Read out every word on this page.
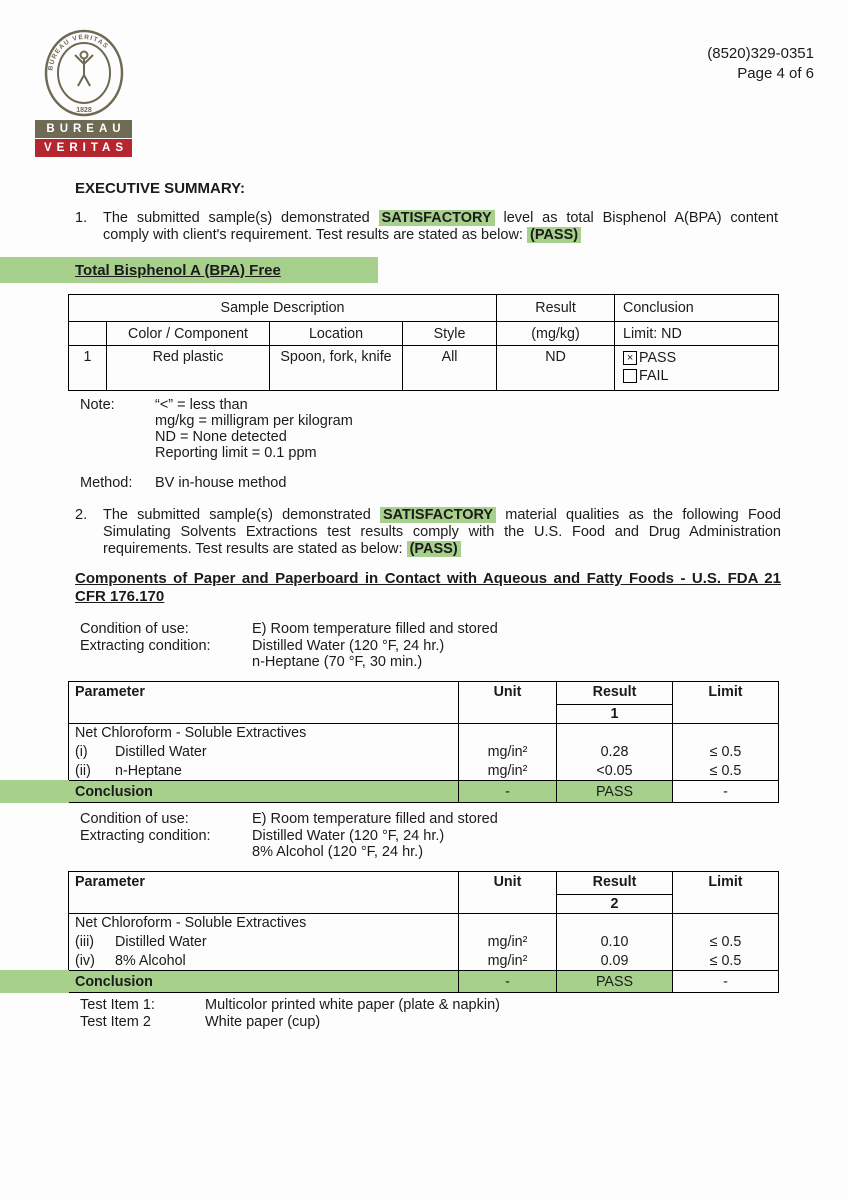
BUREAU VERITAS
1828
BUREAU
VERITAS
(8520)329-0351
Page 4 of 6
EXECUTIVE SUMMARY:
1.	The submitted sample(s) demonstrated SATISFACTORY level as total Bisphenol A(BPA) content comply with client's requirement. Test results are stated as below: (PASS)
Total Bisphenol A (BPA) Free
Sample Description				Result	Conclusion
	Color / Component	Location	Style	(mg/kg)	Limit: ND
1	Red plastic	Spoon, fork, knife	All	ND	× PASS
FAIL
Note:	“<” = less than
mg/kg = milligram per kilogram
ND = None detected
Reporting limit = 0.1 ppm
Method:	BV in-house method
2.	The submitted sample(s) demonstrated SATISFACTORY material qualities as the following Food Simulating Solvents Extractions test results comply with the U.S. Food and Drug Administration requirements. Test results are stated as below: (PASS)
Components of Paper and Paperboard in Contact with Aqueous and Fatty Foods - U.S. FDA 21 CFR 176.170
Condition of use:	E) Room temperature filled and stored
Extracting condition:	Distilled Water (120 °F, 24 hr.)
n-Heptane (70 °F, 30 min.)
Parameter	Unit	Result	Limit
		1	
Net Chloroform - Soluble Extractives			
(i) Distilled Water	mg/in²	0.28	≤ 0.5
(ii) n-Heptane	mg/in²	<0.05	≤ 0.5
Conclusion	-	PASS	-
Condition of use:	E) Room temperature filled and stored
Extracting condition:	Distilled Water (120 °F, 24 hr.)
8% Alcohol (120 °F, 24 hr.)
Parameter	Unit	Result	Limit
		2	
Net Chloroform - Soluble Extractives			
(iii) Distilled Water	mg/in²	0.10	≤ 0.5
(iv) 8% Alcohol	mg/in²	0.09	≤ 0.5
Conclusion	-	PASS	-
Test Item 1:	Multicolor printed white paper (plate & napkin)
Test Item 2	White paper (cup)
